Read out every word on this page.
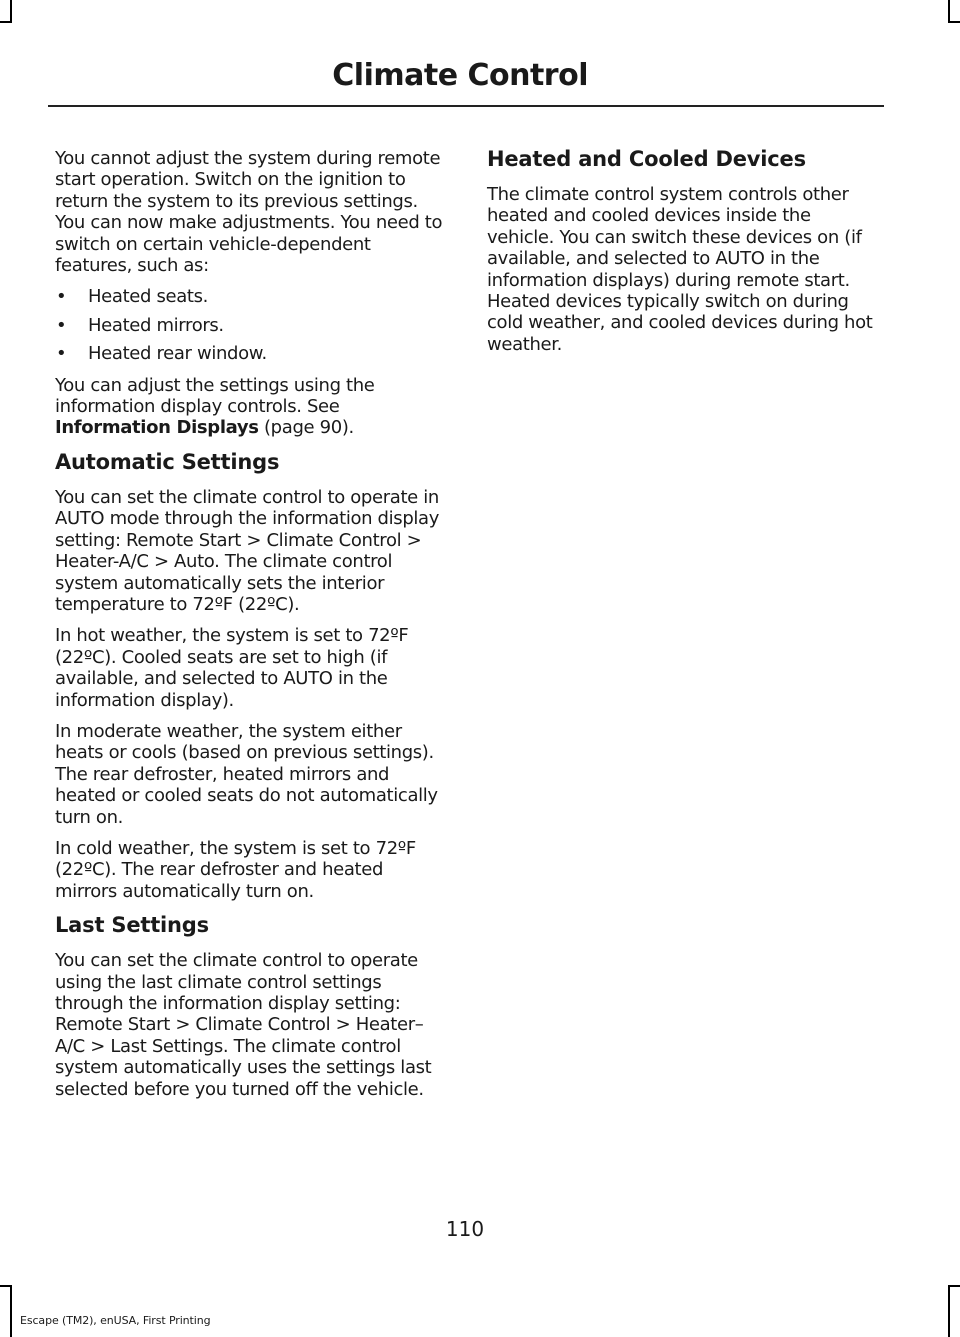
Climate Control

You cannot adjust the system during remote start operation. Switch on the ignition to return the system to its previous settings. You can now make adjustments. You need to switch on certain vehicle-dependent features, such as:

• Heated seats.
• Heated mirrors.
• Heated rear window.

You can adjust the settings using the information display controls. See Information Displays (page 90).

Automatic Settings

You can set the climate control to operate in AUTO mode through the information display setting: Remote Start > Climate Control > Heater-A/C > Auto. The climate control system automatically sets the interior temperature to 72ºF (22ºC).

In hot weather, the system is set to 72ºF (22ºC). Cooled seats are set to high (if available, and selected to AUTO in the information display).

In moderate weather, the system either heats or cools (based on previous settings). The rear defroster, heated mirrors and heated or cooled seats do not automatically turn on.

In cold weather, the system is set to 72ºF (22ºC). The rear defroster and heated mirrors automatically turn on.

Last Settings

You can set the climate control to operate using the last climate control settings through the information display setting: Remote Start > Climate Control > Heater–A/C > Last Settings. The climate control system automatically uses the settings last selected before you turned off the vehicle.

Heated and Cooled Devices

The climate control system controls other heated and cooled devices inside the vehicle. You can switch these devices on (if available, and selected to AUTO in the information displays) during remote start. Heated devices typically switch on during cold weather, and cooled devices during hot weather.

110
Escape (TM2), enUSA, First Printing
